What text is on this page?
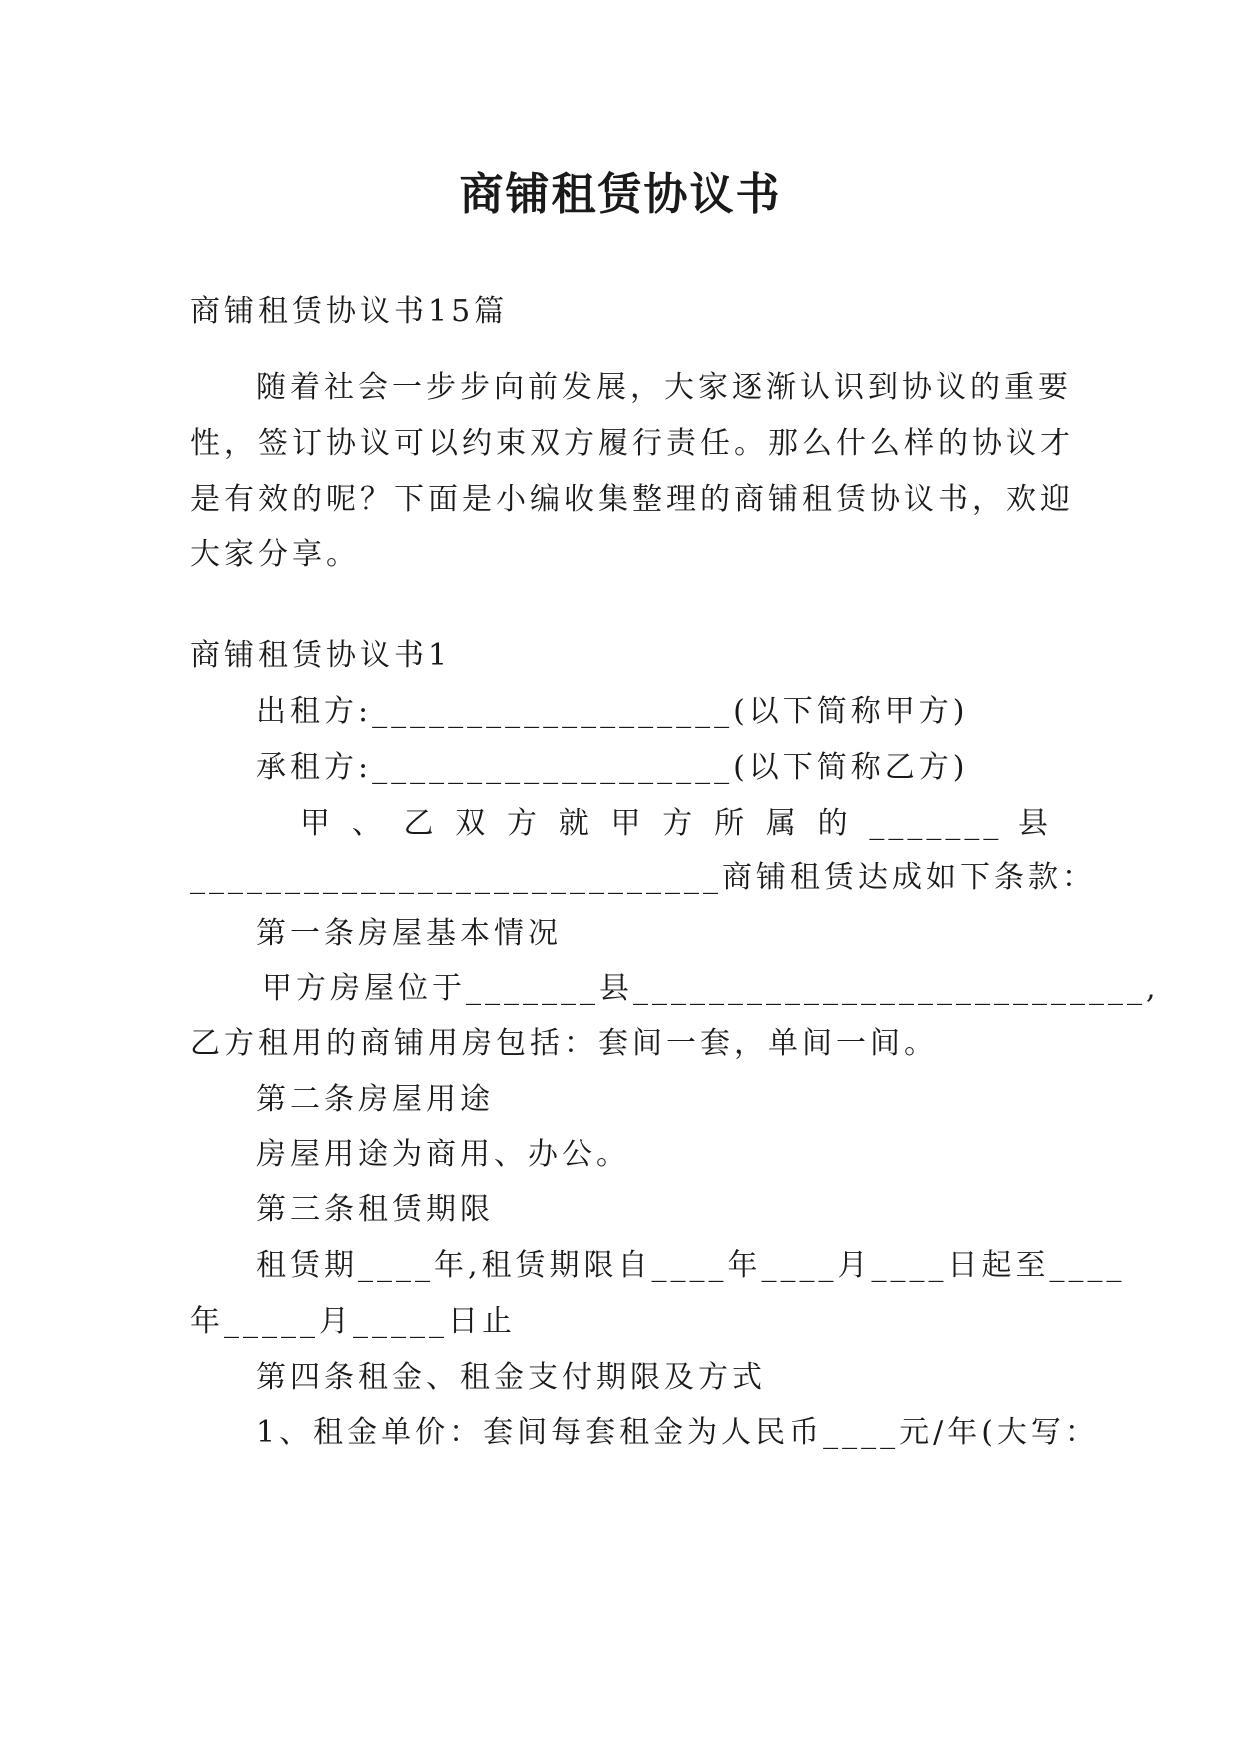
商铺租赁协议书
商铺租赁协议书15篇
随着社会一步步向前发展，大家逐渐认识到协议的重要
性，签订协议可以约束双方履行责任。那么什么样的协议才
是有效的呢？下面是小编收集整理的商铺租赁协议书，欢迎
大家分享。
商铺租赁协议书1
出租方:___________________(以下简称甲方)
承租方:___________________(以下简称乙方)
甲 、 乙 双 方 就 甲 方 所 属 的 _______ 县
____________________________商铺租赁达成如下条款：
第一条房屋基本情况
甲方房屋位于_______县___________________________,
乙方租用的商铺用房包括：套间一套，单间一间。
第二条房屋用途
房屋用途为商用、办公。
第三条租赁期限
租赁期____年,租赁期限自____年____月____日起至____
年_____月_____日止
第四条租金、租金支付期限及方式
1、租金单价：套间每套租金为人民币____元/年(大写：
